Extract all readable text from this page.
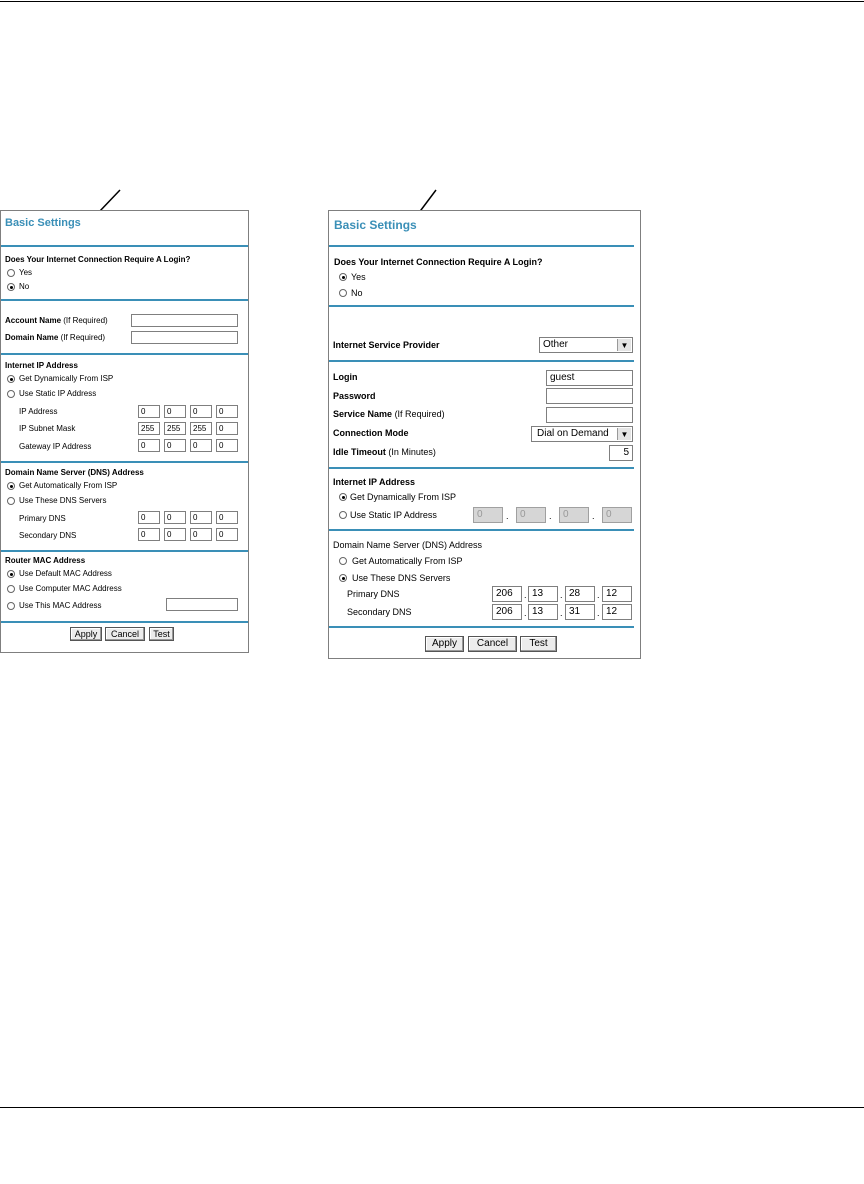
Basic Settings
Does Your Internet Connection Require A Login?
Yes
No
Account Name (If Required)
Domain Name (If Required)
Internet IP Address
Get Dynamically From ISP
Use Static IP Address
IP Address	0	0	0	0
IP Subnet Mask	255	255	255	0
Gateway IP Address	0	0	0	0
Domain Name Server (DNS) Address
Get Automatically From ISP
Use These DNS Servers
Primary DNS	0	0	0	0
Secondary DNS	0	0	0	0
Router MAC Address
Use Default MAC Address
Use Computer MAC Address
Use This MAC Address
Apply	Cancel	Test
Basic Settings
Does Your Internet Connection Require A Login?
Yes
No
Internet Service Provider	Other	▼
Login	guest
Password
Service Name (If Required)
Connection Mode	Dial on Demand	▼
Idle Timeout (In Minutes)	5
Internet IP Address
Get Dynamically From ISP
Use Static IP Address	0	.	0	.	0	.	0
Domain Name Server (DNS) Address
Get Automatically From ISP
Use These DNS Servers
Primary DNS	206	. 13	. 28	. 12
Secondary DNS	206	. 13	. 31	. 12
Apply	Cancel	Test
